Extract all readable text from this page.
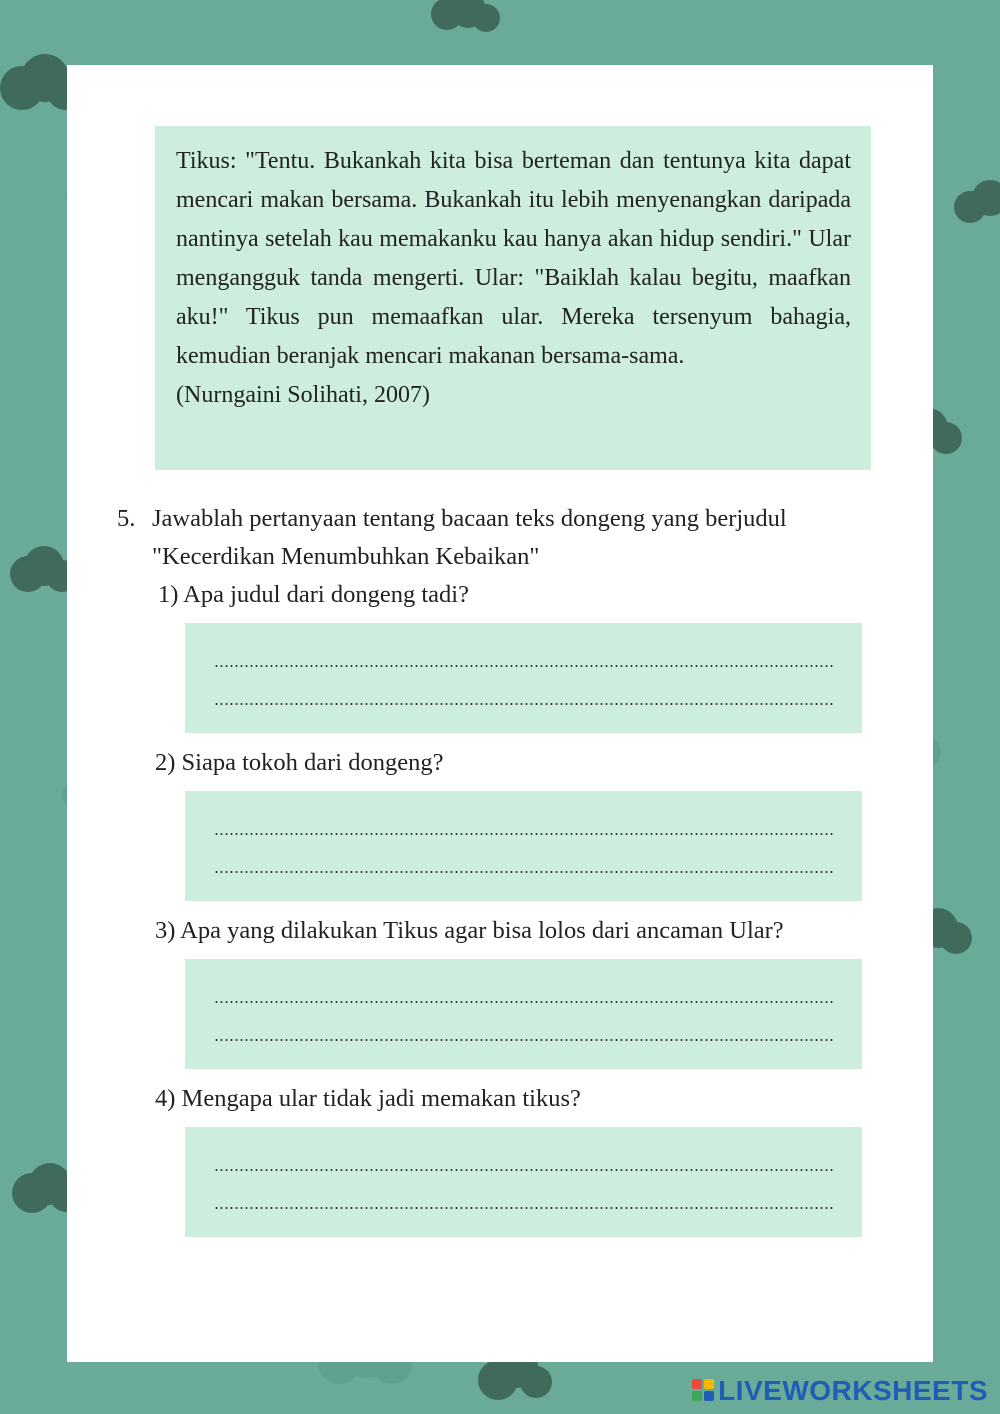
Tikus: "Tentu. Bukankah kita bisa berteman dan tentunya kita dapat mencari makan bersama. Bukankah itu lebih menyenangkan daripada nantinya setelah kau memakanku kau hanya akan hidup sendiri." Ular mengangguk tanda mengerti. Ular: "Baiklah kalau begitu, maafkan aku!" Tikus pun memaafkan ular. Mereka tersenyum bahagia, kemudian beranjak mencari makanan bersama-sama.

(Nurngaini Solihati, 2007)

5. Jawablah pertanyaan tentang bacaan teks dongeng yang berjudul "Kecerdikan Menumbuhkan Kebaikan"
1) Apa judul dari dongeng tadi?
2) Siapa tokoh dari dongeng?
3) Apa yang dilakukan Tikus agar bisa lolos dari ancaman Ular?
4) Mengapa ular tidak jadi memakan tikus?
LIVEWORKSHEETS
